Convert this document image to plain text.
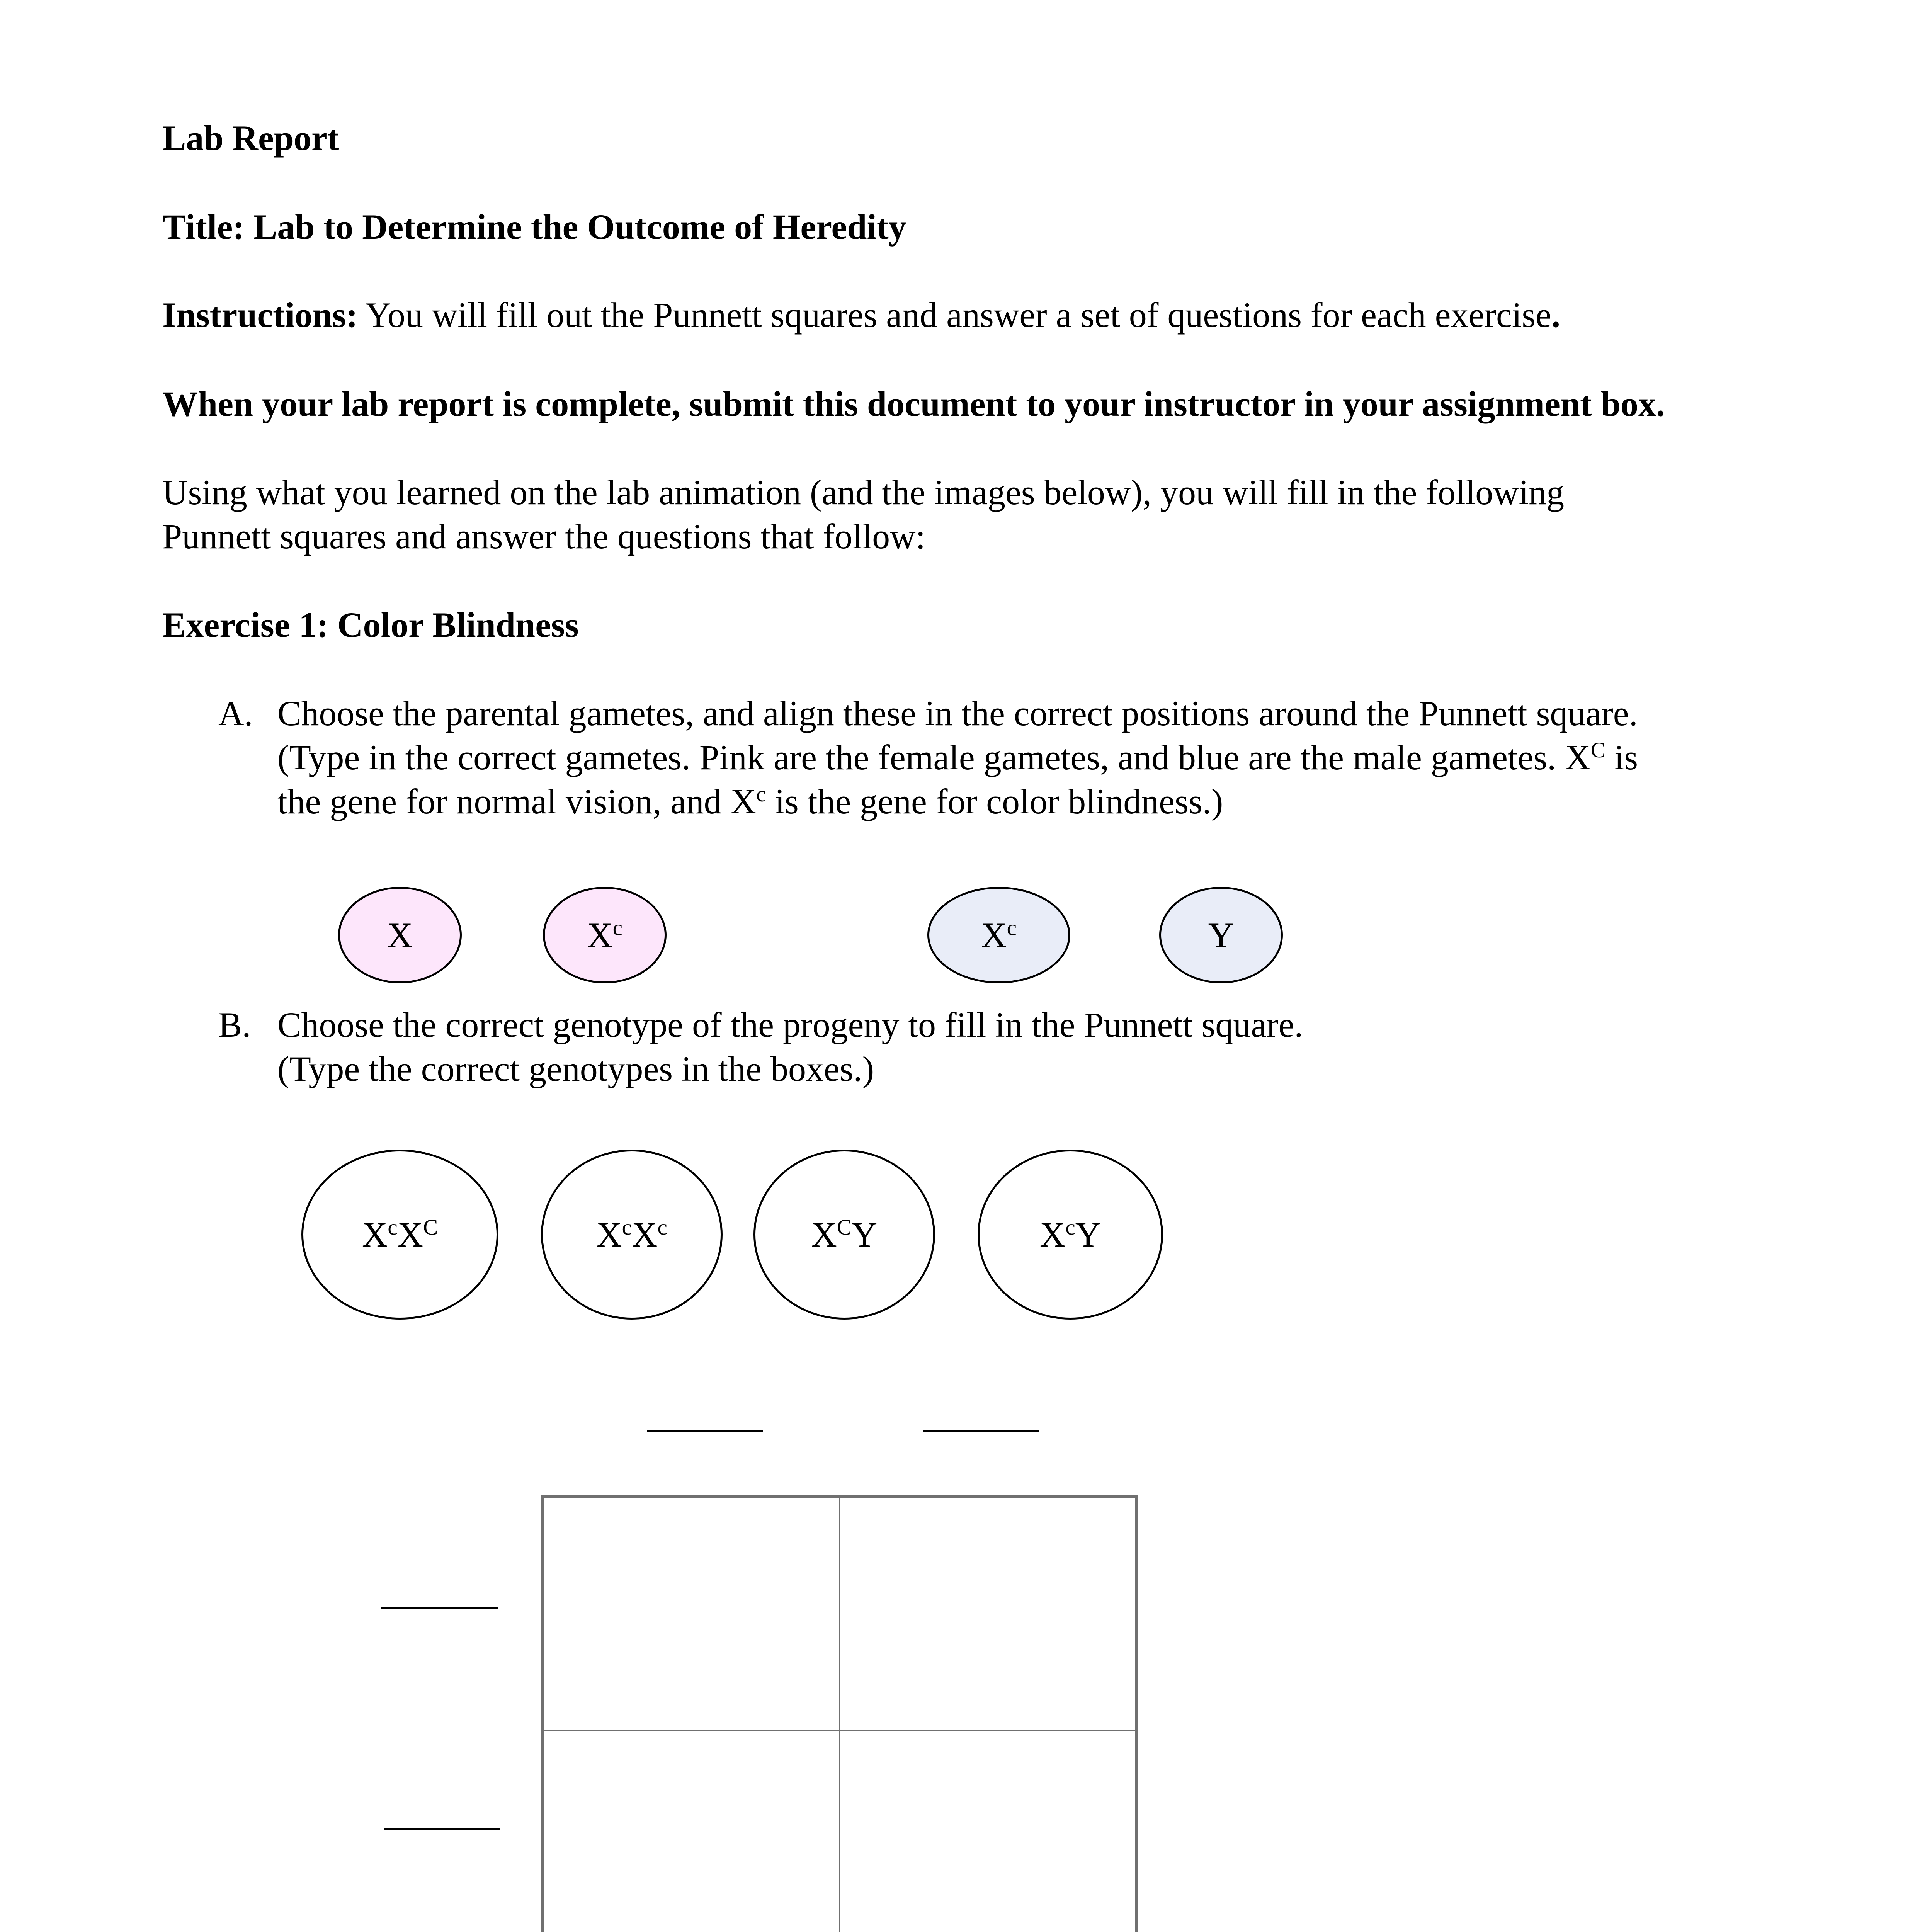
Lab Report
Title: Lab to Determine the Outcome of Heredity
Instructions: You will fill out the Punnett squares and answer a set of questions for each exercise.
When your lab report is complete, submit this document to your instructor in your assignment box.
Using what you learned on the lab animation (and the images below), you will fill in the following
Punnett squares and answer the questions that follow:
Exercise 1: Color Blindness
A. Choose the parental gametes, and align these in the correct positions around the Punnett square.
(Type in the correct gametes. Pink are the female gametes, and blue are the male gametes. $X^C$ is
the gene for normal vision, and $X^c$ is the gene for color blindness.)
X	$X^c$	$X^c$	Y
B. Choose the correct genotype of the progeny to fill in the Punnett square.
(Type the correct genotypes in the boxes.)
$X^cX^C$	$X^cX^c$	$X^CY$	$X^cY$
